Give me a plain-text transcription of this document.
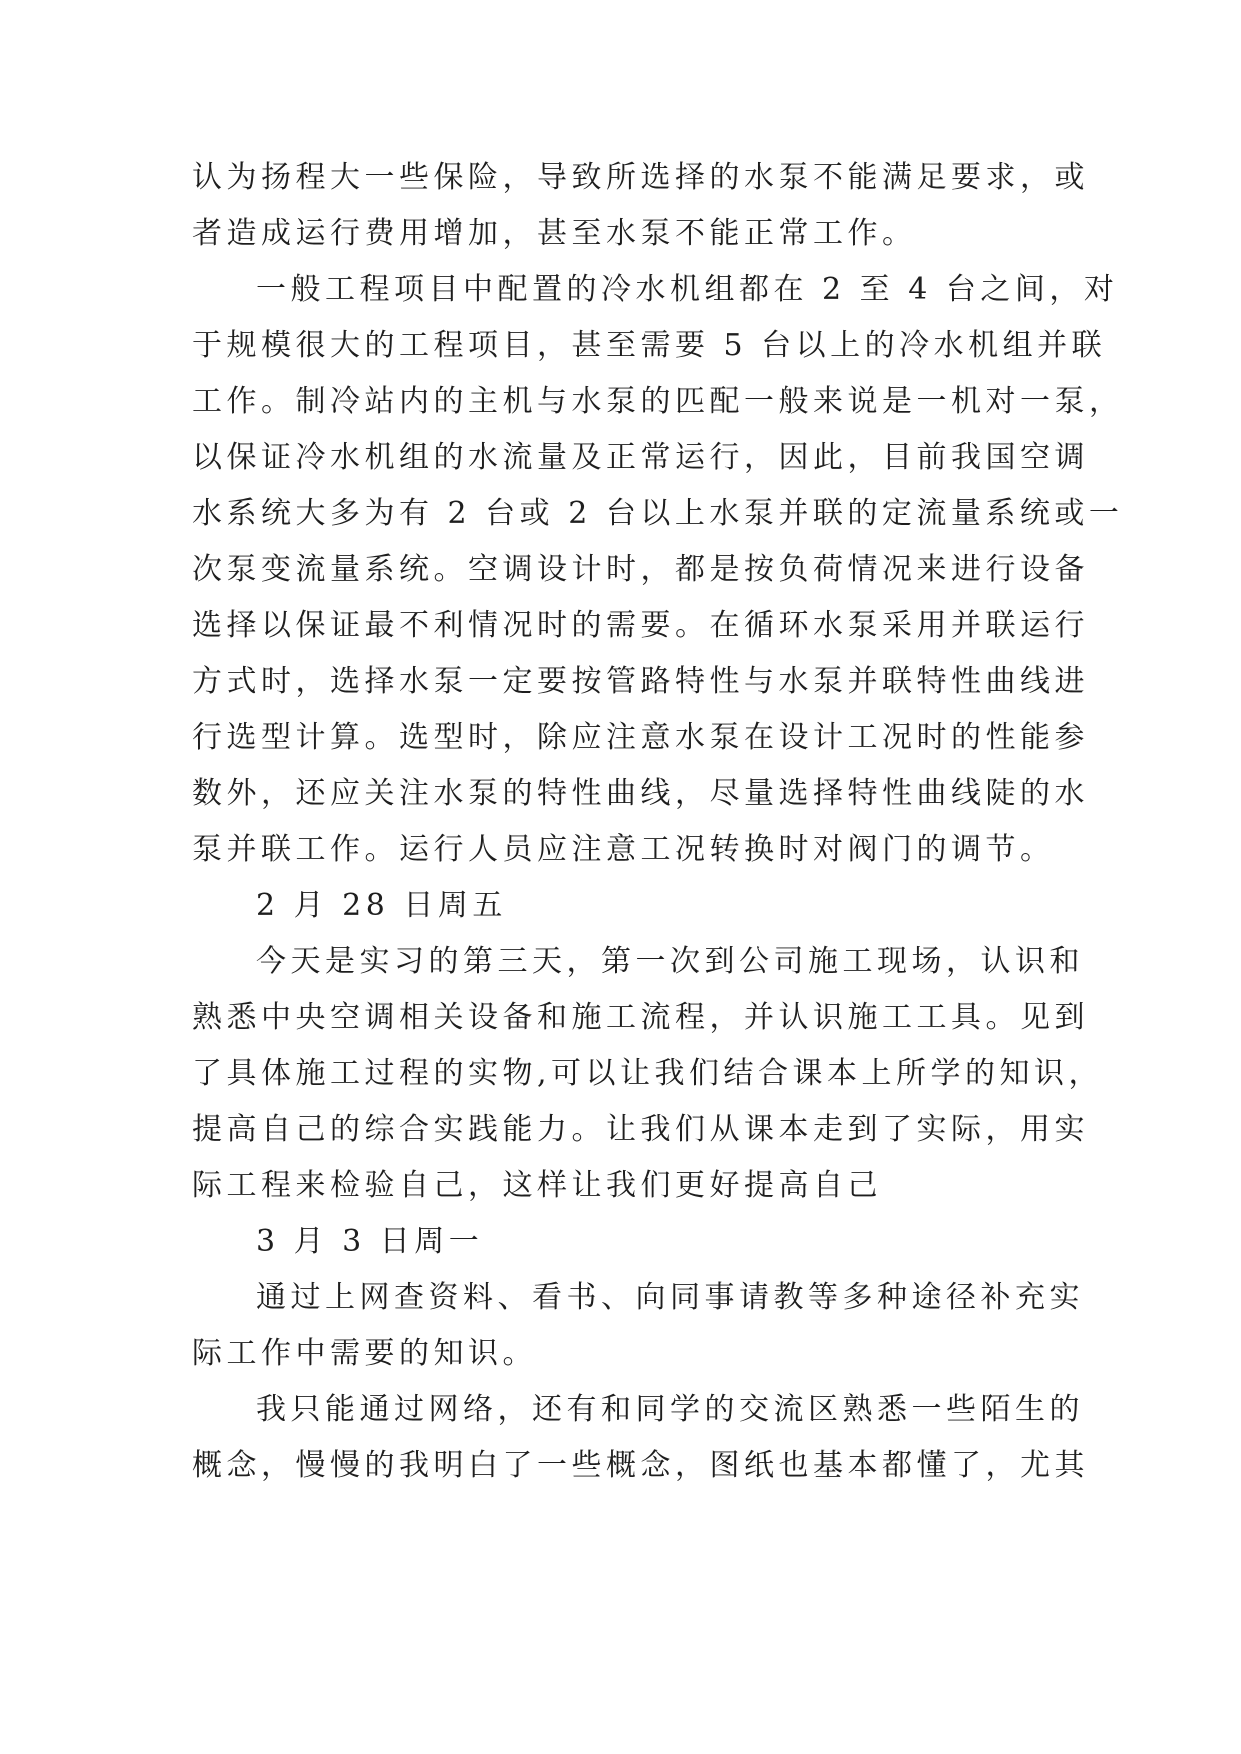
认为扬程大一些保险，导致所选择的水泵不能满足要求，或
者造成运行费用增加，甚至水泵不能正常工作。
一般工程项目中配置的冷水机组都在 2 至 4 台之间，对
于规模很大的工程项目，甚至需要 5 台以上的冷水机组并联
工作。制冷站内的主机与水泵的匹配一般来说是一机对一泵，
以保证冷水机组的水流量及正常运行，因此，目前我国空调
水系统大多为有 2 台或 2 台以上水泵并联的定流量系统或一
次泵变流量系统。空调设计时，都是按负荷情况来进行设备
选择以保证最不利情况时的需要。在循环水泵采用并联运行
方式时，选择水泵一定要按管路特性与水泵并联特性曲线进
行选型计算。选型时，除应注意水泵在设计工况时的性能参
数外，还应关注水泵的特性曲线，尽量选择特性曲线陡的水
泵并联工作。运行人员应注意工况转换时对阀门的调节。
2 月 28 日周五
今天是实习的第三天，第一次到公司施工现场，认识和
熟悉中央空调相关设备和施工流程，并认识施工工具。见到
了具体施工过程的实物,可以让我们结合课本上所学的知识，
提高自己的综合实践能力。让我们从课本走到了实际，用实
际工程来检验自己，这样让我们更好提高自己
3 月 3 日周一
通过上网查资料、看书、向同事请教等多种途径补充实
际工作中需要的知识。
我只能通过网络，还有和同学的交流区熟悉一些陌生的
概念，慢慢的我明白了一些概念，图纸也基本都懂了，尤其
